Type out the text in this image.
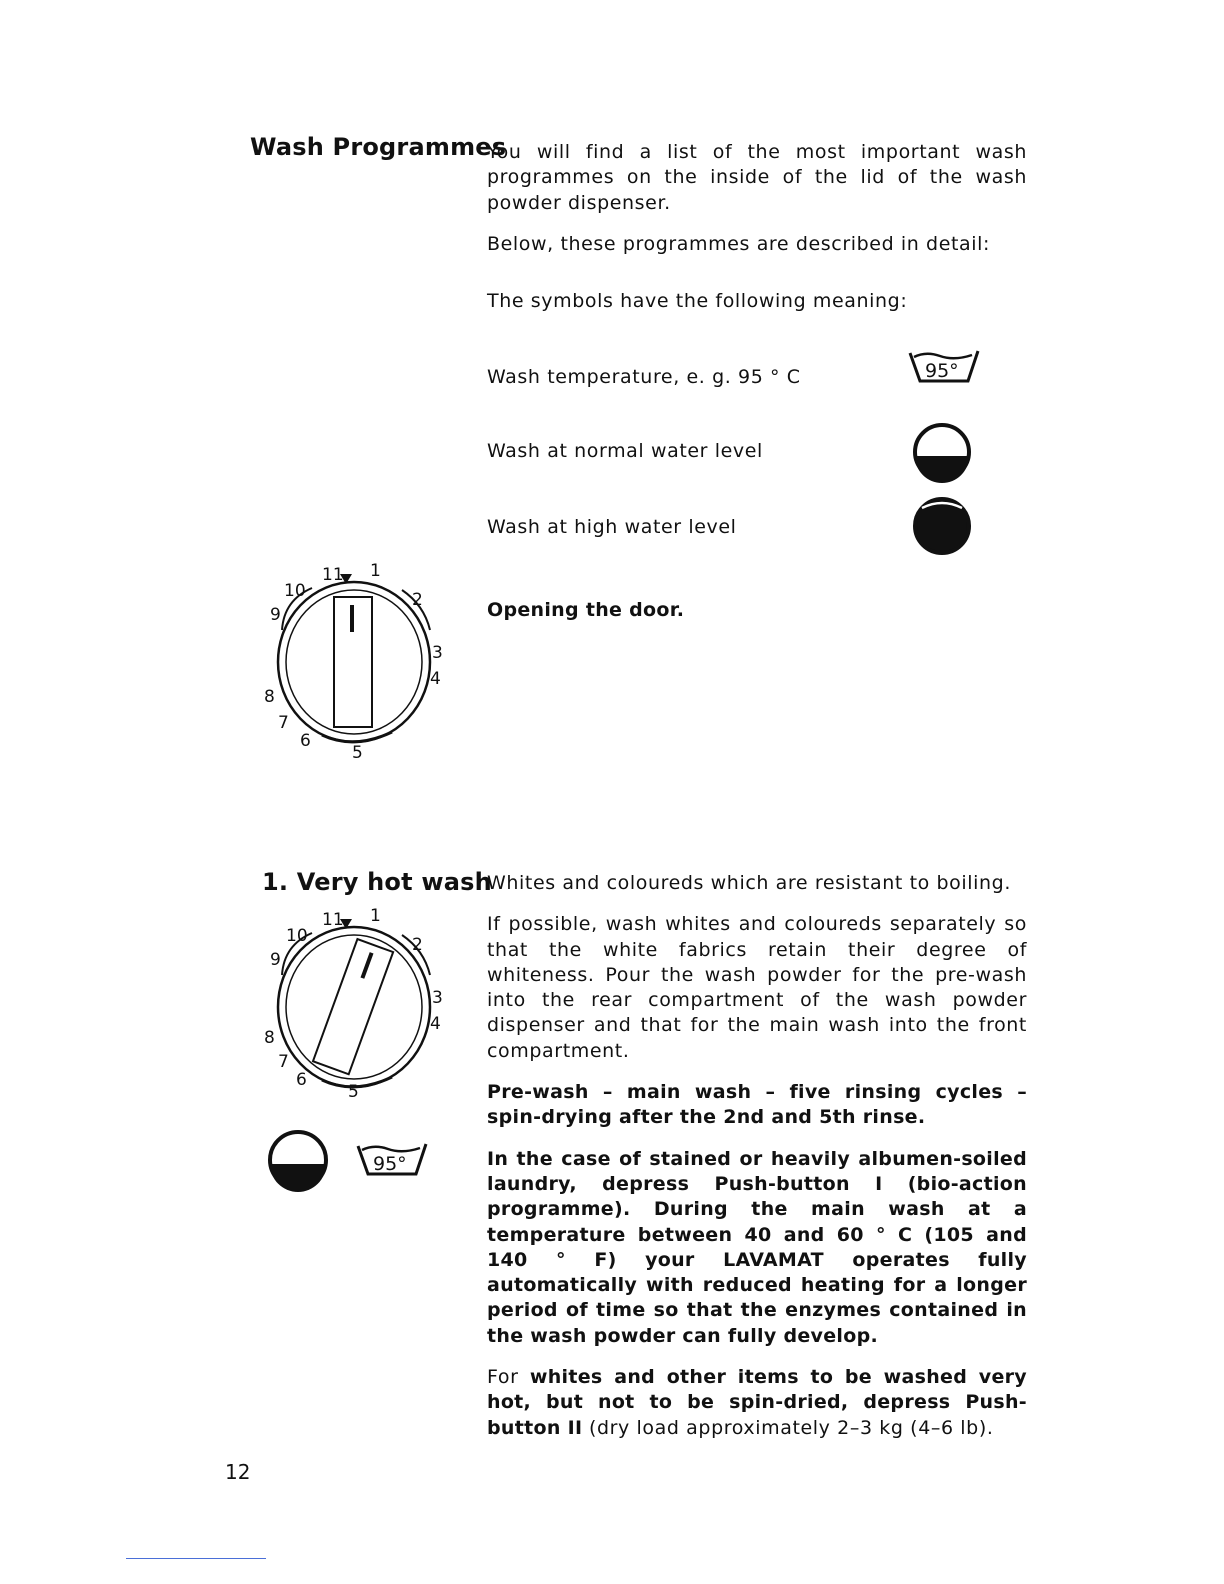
Wash Programmes

You will find a list of the most important wash programmes on the inside of the lid of the wash powder dispenser.

Below, these programmes are described in detail:

The symbols have the following meaning:

Wash temperature, e. g. 95 ° C
Wash at normal water level
Wash at high water level
95°
Opening the door.
11 1
2
3
4
5
6
7
8
9
10
1. Very hot wash

Whites and coloureds which are resistant to boiling.

If possible, wash whites and coloureds separately so that the white fabrics retain their degree of whiteness. Pour the wash powder for the pre-wash into the rear compartment of the wash powder dispenser and that for the main wash into the front compartment.

Pre-wash – main wash – five rinsing cycles – spin-drying after the 2nd and 5th rinse.

In the case of stained or heavily albumen-soiled laundry, depress Push-button I (bio-action programme). During the main wash at a temperature between 40 and 60 ° C (105 and 140 ° F) your LAVAMAT operates fully automatically with reduced heating for a longer period of time so that the enzymes contained in the wash powder can fully develop.

For whites and other items to be washed very hot, but not to be spin-dried, depress Push-button II (dry load approximately 2–3 kg (4–6 lb).

11 1
2
3
4
5
6
7
8
9
10
95°
12
